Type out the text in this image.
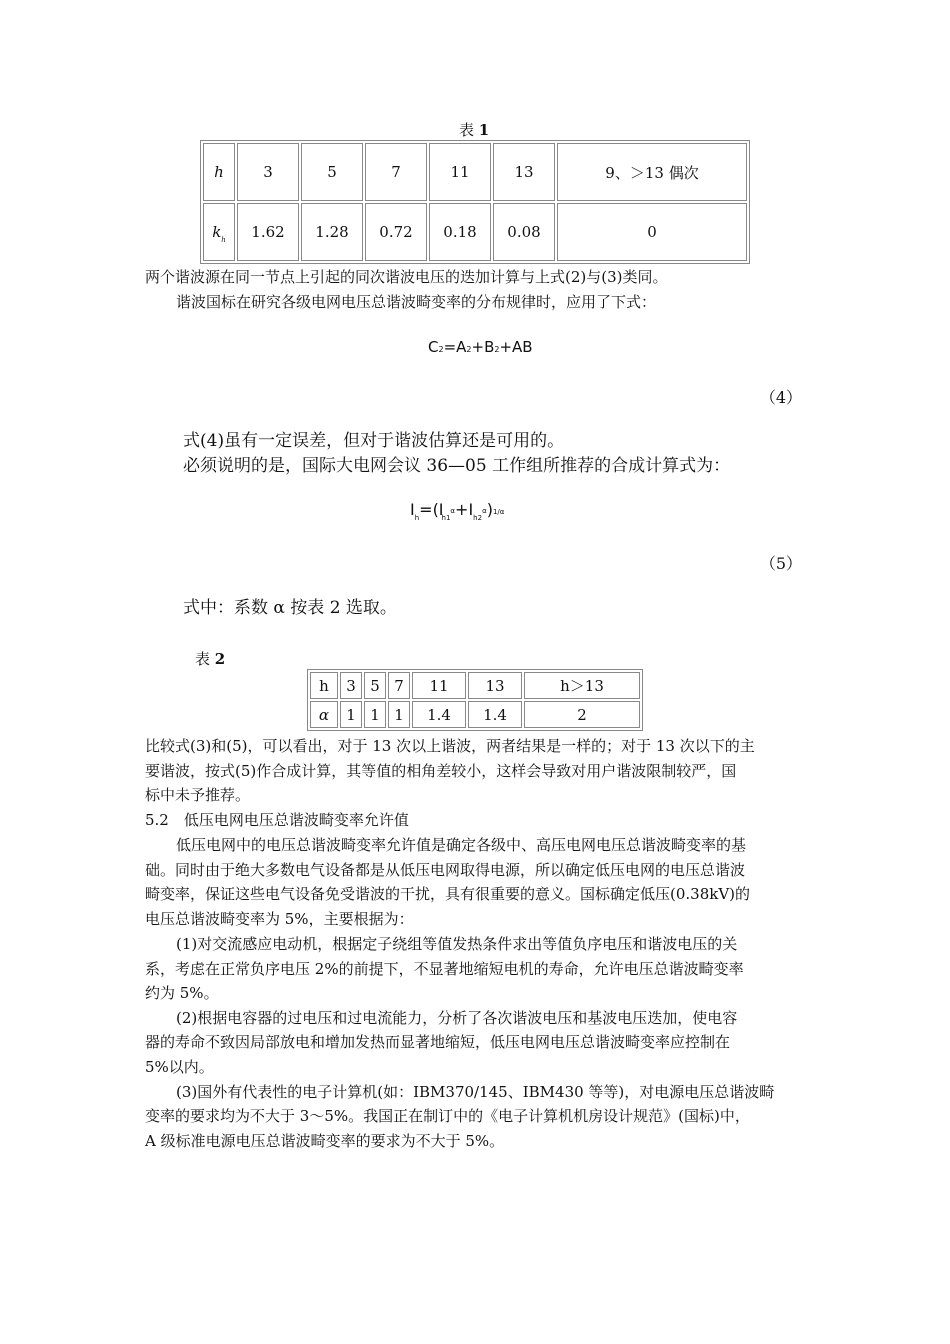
表 1
h	3	5	7	11	13	9、＞13 偶次
$k_h$	1.62	1.28	0.72	0.18	0.08	0
两个谐波源在同一节点上引起的同次谐波电压的迭加计算与上式(2)与(3)类同。
谐波国标在研究各级电网电压总谐波畸变率的分布规律时，应用了下式：
C2=A2+B2+AB
（4）
式(4)虽有一定误差，但对于谐波估算还是可用的。
必须说明的是，国际大电网会议 36—05 工作组所推荐的合成计算式为：
$I_h=(I_{h1}\alpha+I_{h2}\alpha)1/\alpha$
（5）
式中：系数 α 按表 2 选取。
表 2
h	3	5	7	11	13	h＞13
α	1	1	1	1.4	1.4	2
比较式(3)和(5)，可以看出，对于 13 次以上谐波，两者结果是一样的；对于 13 次以下的主
要谐波，按式(5)作合成计算，其等值的相角差较小，这样会导致对用户谐波限制较严，国
标中未予推荐。
5.2　低压电网电压总谐波畸变率允许值
低压电网中的电压总谐波畸变率允许值是确定各级中、高压电网电压总谐波畸变率的基
础。同时由于绝大多数电气设备都是从低压电网取得电源，所以确定低压电网的电压总谐波
畸变率，保证这些电气设备免受谐波的干扰，具有很重要的意义。国标确定低压(0.38kV)的
电压总谐波畸变率为 5%，主要根据为：
(1)对交流感应电动机，根据定子绕组等值发热条件求出等值负序电压和谐波电压的关
系，考虑在正常负序电压 2%的前提下，不显著地缩短电机的寿命，允许电压总谐波畸变率
约为 5%。
(2)根据电容器的过电压和过电流能力，分析了各次谐波电压和基波电压迭加，使电容
器的寿命不致因局部放电和增加发热而显著地缩短，低压电网电压总谐波畸变率应控制在
5%以内。
(3)国外有代表性的电子计算机(如：IBM370/145、IBM430 等等)，对电源电压总谐波畸
变率的要求均为不大于 3～5%。我国正在制订中的《电子计算机机房设计规范》(国标)中，
A 级标准电源电压总谐波畸变率的要求为不大于 5%。
